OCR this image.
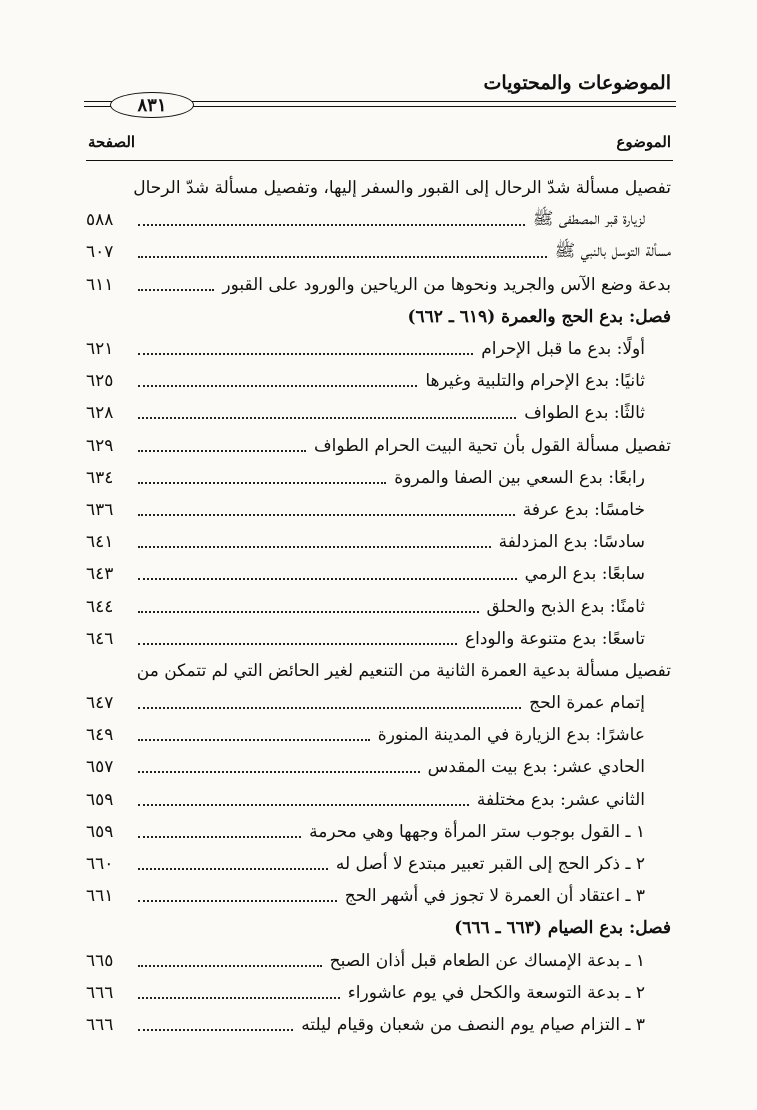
الموضوعات والمحتويات
٨٣١
الموضوع
الصفحة
تفصيل مسألة شدّ الرحال إلى القبور والسفر إليها، وتفصيل مسألة شدّ الرحال
لزيارة قبر المصطفى ﷺ
٥٨٨
مسألة التوسل بالنبي ﷺ
٦٠٧
بدعة وضع الآس والجريد ونحوها من الرياحين والورود على القبور
٦١١
فصل: بدع الحج والعمرة (٦١٩ ـ ٦٦٢)
أولًا: بدع ما قبل الإحرام
٦٢١
ثانيًا: بدع الإحرام والتلبية وغيرها
٦٢٥
ثالثًا: بدع الطواف
٦٢٨
تفصيل مسألة القول بأن تحية البيت الحرام الطواف
٦٢٩
رابعًا: بدع السعي بين الصفا والمروة
٦٣٤
خامسًا: بدع عرفة
٦٣٦
سادسًا: بدع المزدلفة
٦٤١
سابعًا: بدع الرمي
٦٤٣
ثامنًا: بدع الذبح والحلق
٦٤٤
تاسعًا: بدع متنوعة والوداع
٦٤٦
تفصيل مسألة بدعية العمرة الثانية من التنعيم لغير الحائض التي لم تتمكن من
إتمام عمرة الحج
٦٤٧
عاشرًا: بدع الزيارة في المدينة المنورة
٦٤٩
الحادي عشر: بدع بيت المقدس
٦٥٧
الثاني عشر: بدع مختلفة
٦٥٩
١ ـ القول بوجوب ستر المرأة وجهها وهي محرمة
٦٥٩
٢ ـ ذكر الحج إلى القبر تعبير مبتدع لا أصل له
٦٦٠
٣ ـ اعتقاد أن العمرة لا تجوز في أشهر الحج
٦٦١
فصل: بدع الصيام (٦٦٣ ـ ٦٦٦)
١ ـ بدعة الإمساك عن الطعام قبل أذان الصبح
٦٦٥
٢ ـ بدعة التوسعة والكحل في يوم عاشوراء
٦٦٦
٣ ـ التزام صيام يوم النصف من شعبان وقيام ليلته
٦٦٦
